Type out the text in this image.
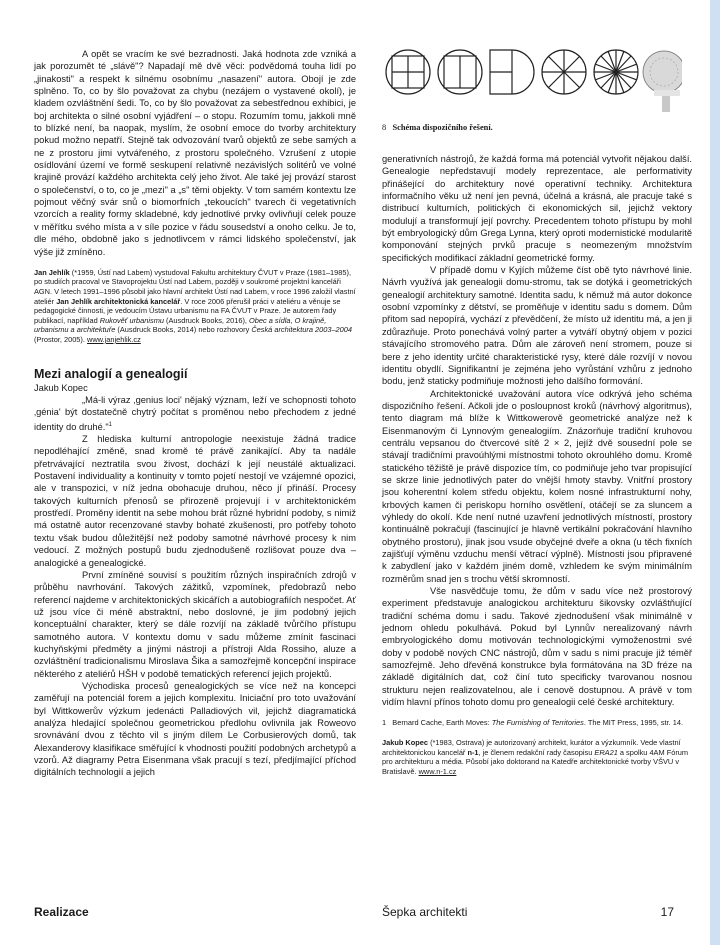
A opět se vracím ke své bezradnosti. Jaká hodnota zde vzniká a jak porozumět té „slávě"? Napadají mě dvě věci: podvědomá touha lidí po „jinakosti" a respekt k silnému osobnímu „nasazení" autora. Obojí je zde splněno. To, co by šlo považovat za chybu (nezájem o vystavené okolí), je kladem ozvláštnění šedi. To, co by šlo považovat za sebestřednou exhibici, je boj architekta o silné osobní vyjádření – o stopu. Rozumím tomu, jakkoli mně to blízké není, ba naopak, myslím, že osobní emoce do tvorby architektury pokud možno nepatří. Stejně tak odvozování tvarů objektů ze sebe samých a ne z prostoru jimi vytvářeného, z prostoru společného. Vzrušení z utopie osídlování území ve formě seskupení relativně nezávislých solitérů ve volné krajině provází každého architekta celý jeho život. Ale také jej provází starost o společenství, o to, co je „mezi" a „s" těmi objekty. V tom samém kontextu lze pojmout věčný svár snů o biomorfních „tekoucích" tvarech či vegetativních vzorcích a reality formy skladebné, kdy jednotlivé prvky ovlivňují celek pouze v měřítku svého místa a v síle pozice v řádu sousedství a onoho celku. Je to, dle mého, obdobně jako s jednotlivcem v rámci lidského společenství, jak výše již zmíněno.

Jan Jehlík (*1959, Ústí nad Labem) vystudoval Fakultu architektury ČVUT v Praze (1981–1985), po studiích pracoval ve Stavoprojektu Ústí nad Labem, později v soukromé projektní kanceláři AGN. V letech 1991–1996 působil jako hlavní architekt Ústí nad Labem, v roce 1996 založil vlastní ateliér Jan Jehlík architektonická kancelář. V roce 2006 přerušil práci v ateliéru a věnuje se pedagogické činnosti, je vedoucím Ústavu urbanismu na FA ČVUT v Praze. Je autorem řady publikací, například Rukověť urbanismu (Ausdruck Books, 2016), Obec a sídla, O krajině, urbanismu a architektuře (Ausdruck Books, 2014) nebo rozhovory Česká architektura 2003–2004 (Prostor, 2005). www.janjehlik.cz

Mezi analogií a genealogií

Jakub Kopec

„Má-li výraz ‚genius loci' nějaký význam, leží ve schopnosti tohoto ‚génia' být dostatečně chytrý počítat s proměnou nebo přechodem z jedné identity do druhé."$^1$

Z hlediska kulturní antropologie neexistuje žádná tradice nepodléhající změně, snad kromě té právě zanikající. Aby ta nadále přetrvávající neztratila svou živost, dochází k její neustálé aktualizaci. Postavení individuality a kontinuity v tomto pojetí nestojí ve vzájemné opozici, ale v transpozici, v níž jedna obohacuje druhou, něco jí přináší. Procesy takových kulturních přenosů se přirozeně projevují i v architektonickém prostředí. Proměny identit na sebe mohou brát různé hybridní podoby, s nimiž má ostatně autor recenzované stavby bohaté zkušenosti, pro potřeby tohoto textu však budou důležitější než podoby samotné návrhové procesy k nim vedoucí. Z možných postupů budu zjednodušeně rozlišovat pouze dva – analogické a genealogické.

První zmíněné souvisí s použitím různých inspiračních zdrojů v průběhu navrhování. Takových zážitků, vzpomínek, předobrazů nebo referencí najdeme v architektonických skicářích a autobiografiích nespočet. Ať už jsou více či méně abstraktní, nebo doslovné, je jim podobný jejich konceptuální charakter, který se dále rozvíjí na základě tvůrčího přístupu samotného autora. V kontextu domu v sadu můžeme zmínit fascinaci kuchyňskými předměty a jinými nástroji a přístroji Alda Rossiho, aluze a ozvláštnění tradicionalismu Miroslava Šika a samozřejmě koncepční inspirace některého z ateliérů HŠH v podobě tematických referencí jejich projektů.

Východiska procesů genealogických se více než na koncepci zaměřují na potenciál forem a jejich komplexitu. Iniciační pro toto uvažování byl Wittkowerův výzkum jedenácti Palladiových vil, jejichž diagramatická analýza hledající společnou geometrickou předlohu ovlivnila jak Roweovo srovnávání dvou z těchto vil s jiným dílem Le Corbusierových domů, tak Alexanderovy klasifikace směřující k vhodnosti použití podobných archetypů a vzorů. Až diagramy Petra Eisenmana však pracují s tezí, předjímající příchod digitálních technologií a jejich

8 Schéma dispozičního řešení.

generativních nástrojů, že každá forma má potenciál vytvořit nějakou další. Genealogie nepředstavují modely reprezentace, ale performativity přinášející do architektury nové operativní techniky. Architektura informačního věku už není jen pevná, účelná a krásná, ale pracuje také s distribucí kulturních, politických či ekonomických sil, jejichž vektory modulují a transformují její povrchy. Precedentem tohoto přístupu by mohl být embryologický dům Grega Lynna, který oproti modernistické modularitě komponování stejných prvků pracuje s neomezeným množstvím specifických modifikací základní geometrické formy.

V případě domu v Kyjích můžeme číst obě tyto návrhové linie. Návrh využívá jak genealogii domu-stromu, tak se dotýká i geometrických genealogií architektury samotné. Identita sadu, k němuž má autor dokonce osobní vzpomínky z dětství, se proměňuje v identitu sadu s domem. Dům přitom sad nepopírá, vychází z převědčení, že místo už identitu má, a jen ji zdůrazňuje. Proto ponechává volný parter a vytváří obytný objem v pozici stávajícího stromového patra. Dům ale zároveň není stromem, pouze si bere z jeho identity určité charakteristické rysy, které dále rozvíjí v novou identitu obydlí. Signifikantní je zejména jeho vyrůstání vzhůru z jednoho bodu, jenž staticky podmiňuje možnosti jeho dalšího formování.

Architektonické uvažování autora více odkrývá jeho schéma dispozičního řešení. Ačkoli jde o posloupnost kroků (návrhový algoritmus), tento diagram má blíže k Wittkowerově geometrické analýze než k Eisenmanovým či Lynnovým genealogiím. Znázorňuje tradiční kruhovou centrálu vepsanou do čtvercové sítě 2 × 2, jejíž dvě sousední pole se stávají tradičními pravoúhlými místnostmi tohoto okrouhlého domu. Kromě statického těžiště je právě dispozice tím, co podmiňuje jeho tvar propisující se skrze linie jednotlivých pater do vnější hmoty stavby. Vnitřní prostory jsou koherentní kolem středu objektu, kolem nosné infrastrukturní nohy, krbových kamen či periskopu horního osvětlení, otáčejí se za sluncem a výhledy do okolí. Kde není nutné uzavření jednotlivých místností, prostory kontinuálně pokračují (fascinující je hlavně vertikální pokračování hlavního obytného prostoru), jinak jsou vsude obyčejné dveře a okna (u těch fixních zajišťují výměnu vzduchu menší větrací výplně). Místnosti jsou připravené k zabydlení jako v každém jiném domě, vzhledem ke svým minimálním rozměrům snad jen s trochu větší skromností.

Vše nasvědčuje tomu, že dům v sadu více než prostorový experiment představuje analogickou architekturu šikovsky ozvláštňující tradiční schéma domu i sadu. Takové zjednodušení však minimálně v jednom ohledu pokulhává. Pokud byl Lynnův nerealizovaný návrh embryologického domu motivován technologickými vymoženostmi své doby v podobě nových CNC nástrojů, dům v sadu s nimi pracuje již téměř samozřejmě. Jeho dřevěná konstrukce byla formátována na 3D fréze na základě digitálních dat, což činí tuto specificky tvarovanou nosnou strukturu nejen realizovatelnou, ale i cenově dostupnou. A právě v tom vidím hlavní přínos tohoto domu pro genealogii celé české architektury.

1 Bernard Cache, Earth Moves: The Furnishing of Territories. The MIT Press, 1995, str. 14.

Jakub Kopec (*1983, Ostrava) je autorizovaný architekt, kurátor a výzkumník. Vede vlastní architektonickou kancelář n-1, je členem redakční rady časopisu ERA21 a spolku 4AM Fórum pro architekturu a média. Působí jako doktorand na Katedře architektonické tvorby VŠVU v Bratislavě. www.n-1.cz

Realizace	Šepka architekti	17
